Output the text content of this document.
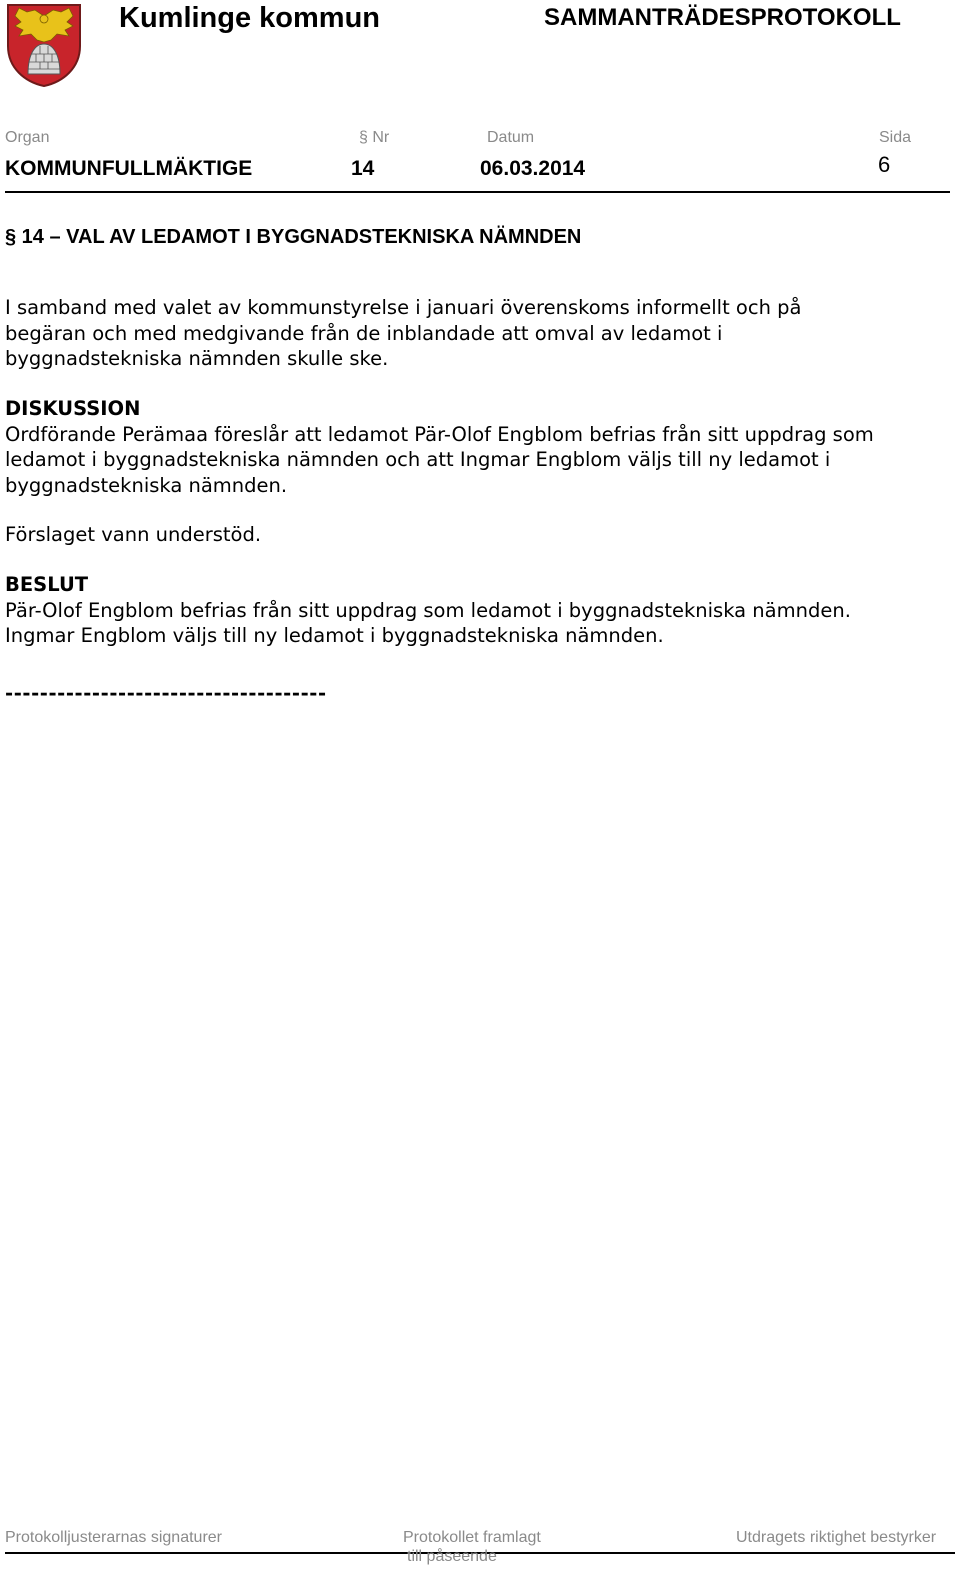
Kumlinge kommun	SAMMANTRÄDESPROTOKOLL
Organ	§ Nr	Datum	Sida
KOMMUNFULLMÄKTIGE	14	06.03.2014	6
§ 14 – VAL AV LEDAMOT I BYGGNADSTEKNISKA NÄMNDEN
I samband med valet av kommunstyrelse i januari överenskoms informellt och på
begäran och med medgivande från de inblandade att omval av ledamot i
byggnadstekniska nämnden skulle ske.
DISKUSSION
Ordförande Perämaa föreslår att ledamot Pär-Olof Engblom befrias från sitt uppdrag som
ledamot i byggnadstekniska nämnden och att Ingmar Engblom väljs till ny ledamot i
byggnadstekniska nämnden.
Förslaget vann understöd.
BESLUT
Pär-Olof Engblom befrias från sitt uppdrag som ledamot i byggnadstekniska nämnden.
Ingmar Engblom väljs till ny ledamot i byggnadstekniska nämnden.
-------------------------------------
Protokolljusterarnas signaturer	Protokollet framlagt
till påseende
Utdragets riktighet bestyrker
